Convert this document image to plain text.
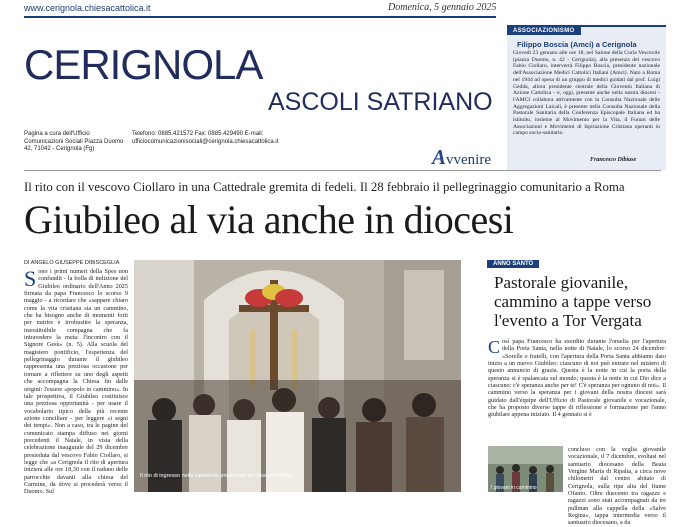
www.cerignola.chiesacattolica.it	Domenica, 5 gennaio 2025
CERIGNOLA
ASCOLI SATRIANO
Pagina a cura dell'Ufficio Comunicazioni Sociali Piazza Duomo 42, 71042 - Cerignola (Fg)
Telefono: 0885.421572 Fax: 0885.429490 E-mail: ufficiocomunicazionisociali@cerignola.chiesacattolica.it
Avvenire
ASSOCIAZIONISMO
Filippo Boscia (Amci) a Cerignola
Giovedì 23 gennaio alle ore 18, nel Salone della Curia Vescovile (piazza Duomo, n. 42 - Cerignola), alla presenza del vescovo Fabio Ciollaro, interverrà Filippo Boscia, presidente nazionale dell'Associazione Medici Cattolici Italiani (Amci). Nato a Roma nel 1944 ad opera di un gruppo di medici guidati dal prof. Luigi Gedda, allora presidente centrale della Gioventù Italiana di Azione Cattolica - e, oggi, presente anche nella nostra diocesi - l'AMCI collabora attivamente con la Consulta Nazionale delle Aggregazioni Laicali, è presente nella Consulta Nazionale della Pastorale Sanitaria della Conferenza Episcopale Italiana ed ha istituito, insieme al Movimento per la Vita, il Forum delle Associazioni e Movimenti di Ispirazione Cristiana operanti in campo socio-sanitario.
Francesco Dibiase
Il rito con il vescovo Ciollaro in una Cattedrale gremita di fedeli. Il 28 febbraio il pellegrinaggio comunitario a Roma
Giubileo al via anche in diocesi
DI ANGELO GIUSEPPE DIBISCEGLIA
Sono i primi numeri della Spes non confundit - la bolla di indizione del Giubileo ordinario dell'Anno 2025 firmata da papa Francesco lo scorso 9 maggio - a ricordare che «sappare chiaro come la vita cristiana sia un cammino, che ha bisogno anche di momenti forti per nutrire e irrobustire la speranza, insostituibile compagna che fa intravedere la meta: l'incontro con il Signore Gesù» (n. 5). Alla scuola del magistero pontificio, l'esperienza del pellegrinaggio durante il giubileo rappresenta una preziosa occasione per tornare a riflettere su uno degli aspetti che accompagna la Chiesa fin dalle origini: l'essere «popolo in cammino». In tale prospettiva, il Giubileo costituisce una preziosa opportunità - per usare il vocabolario tipico della più recente azione conciliare - per leggere «i segni dei tempi». Non a caso, tra le pagine del comunicato stampa diffuso nei giorni precedenti il Natale, in vista della celebrazione inaugurale del 29 dicembre presieduta dal vescovo Fabio Ciollaro, si legge che «a Cerignola il rito di apertura inizierà alle ore 18,30 con il raduno delle parrocchie davanti alla chiesa del Carmine, da dove si procederà verso il Duomo. Sul
Il rito di ingresso nella cattedrale presieduto dal vescovo Fabio
ANNO SANTO
Pastorale giovanile, cammino a tappe verso l'evento a Tor Vergata
Così papa Francesco ha esordito durante l'omelia per l'apertura della Porta Santa, nella notte di Natale, lo scorso 24 dicembre: «Sorelle e fratelli, con l'apertura della Porta Santa abbiamo dato inizio a un nuovo Giubileo: ciascuno di noi può entrare nel mistero di questo annuncio di grazia. Questa è la notte in cui la porta della speranza si è spalancata sul mondo; questa è la notte in cui Dio dice a ciascuno: c'è speranza anche per te! C'è speranza per ognuno di noi». Il cammino verso la speranza per i giovani della nostra diocesi sarà guidato dall'équipe dell'Ufficio di Pastorale giovanile e vocazionale, che ha proposto diverse tappe di riflessione e formazione per l'anno giubilare appena iniziato. Il 4 gennaio si è
I giovani in cammino
concluso con la veglia giovanile vocazionale, il 7 dicembre, svoltasi nel santuario diocesano della Beata Vergine Maria di Ripalta, a circa nove chilometri dal centro abitato di Cerignola, sulla ripa alta del fiume Ofanto. Oltre duecento tra ragazze e ragazzi sono stati accompagnati da tre pullman alla cappella della «Salve Regina», tappa intermedia verso il santuario diocesano, a da
